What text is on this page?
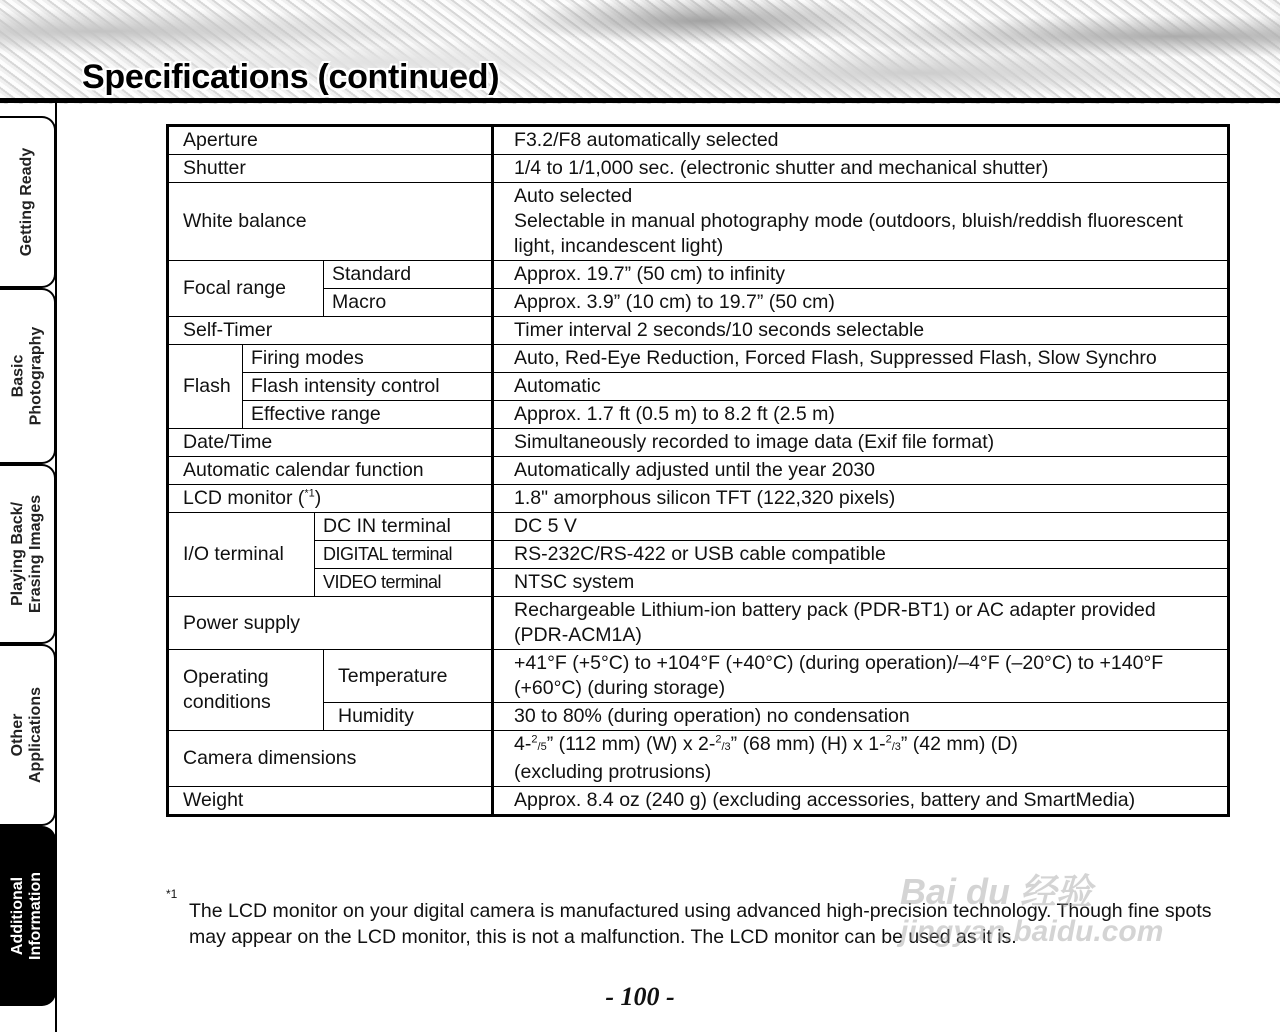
Specifications (continued)
Getting Ready
Basic
Photography
Playing Back/
Erasing Images
Other
Applications
Additional
Information
Aperture				F3.2/F8 automatically selected
Shutter				1/4 to 1/1,000 sec. (electronic shutter and mechanical shutter)
White balance				Auto selected
Selectable in manual photography mode (outdoors, bluish/reddish fluorescent light, incandescent light)
Focal range			Standard	Approx. 19.7” (50 cm) to infinity
			Macro	Approx. 3.9” (10 cm) to 19.7” (50 cm)
Self-Timer				Timer interval 2 seconds/10 seconds selectable
Flash	Firing modes			Auto, Red-Eye Reduction, Forced Flash, Suppressed Flash, Slow Synchro
	Flash intensity control			Automatic
	Effective range			Approx. 1.7 ft (0.5 m) to 8.2 ft (2.5 m)
Date/Time				Simultaneously recorded to image data (Exif file format)
Automatic calendar function				Automatically adjusted until the year 2030
LCD monitor ($^{*1}$)				1.8" amorphous silicon TFT (122,320 pixels)
I/O terminal		DC IN terminal		DC 5 V
		DIGITAL terminal		RS-232C/RS-422 or USB cable compatible
		VIDEO terminal		NTSC system
Power supply				Rechargeable Lithium-ion battery pack (PDR-BT1) or AC adapter provided (PDR-ACM1A)
Operating
conditions			Temperature	+41°F (+5°C) to +104°F (+40°C) (during operation)/–4°F (–20°C) to +140°F (+60°C) (during storage)
			Humidity	30 to 80% (during operation) no condensation
Camera dimensions				4-$^2$/5” (112 mm) (W) x 2-$^2$/3” (68 mm) (H) x 1-$^2$/3” (42 mm) (D)
(excluding protrusions)
Weight				Approx. 8.4 oz (240 g) (excluding accessories, battery and SmartMedia)
*1
The LCD monitor on your digital camera is manufactured using advanced high-precision technology. Though fine spots may appear on the LCD monitor, this is not a malfunction. The LCD monitor can be used as it is.
Bai du 经验
jingyan.baidu.com
- 100 -
